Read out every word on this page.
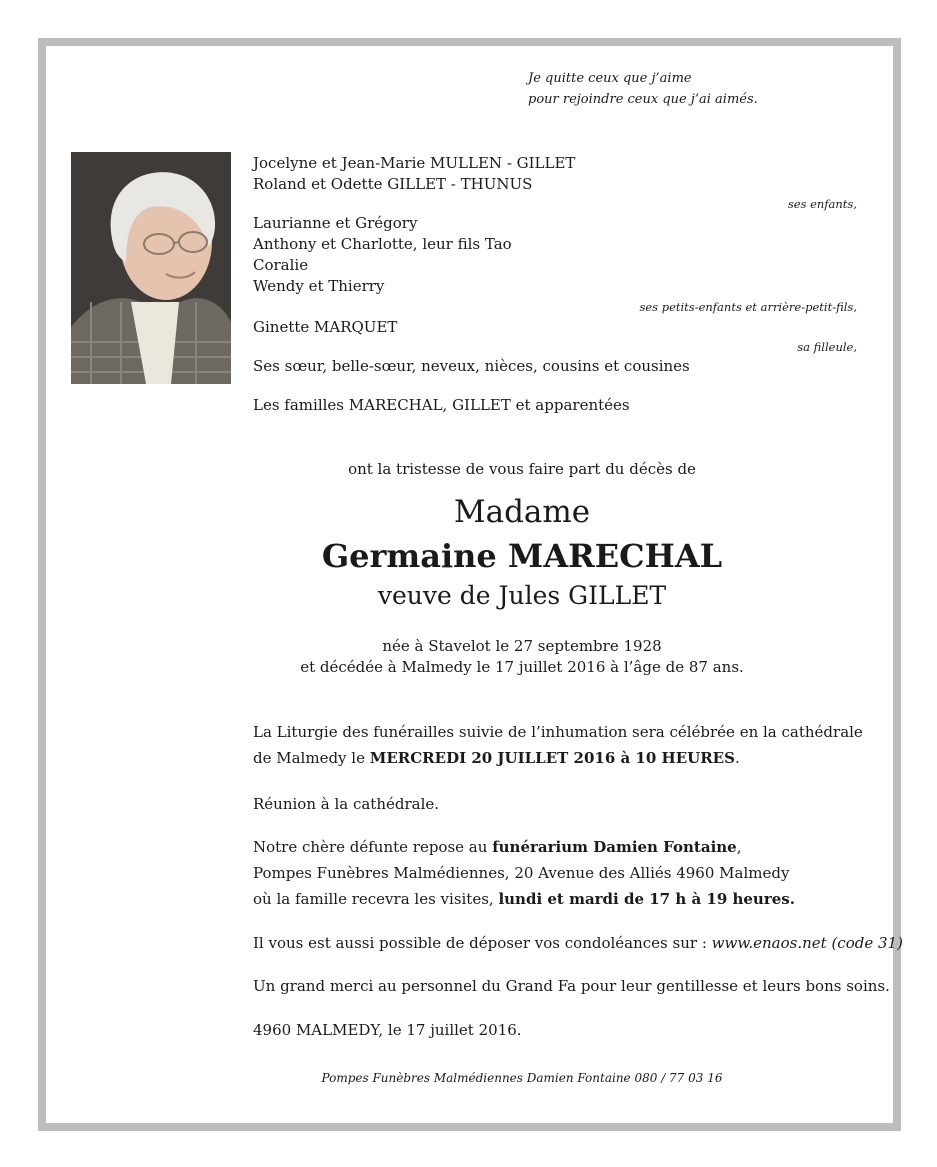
Je quitte ceux que j’aime
pour rejoindre ceux que j’ai aimés.
Jocelyne et Jean-Marie MULLEN - GILLET
Roland et Odette GILLET - THUNUS
ses enfants,
Laurianne et Grégory
Anthony et Charlotte, leur fils Tao
Coralie
Wendy et Thierry
ses petits-enfants et arrière-petit-fils,
Ginette MARQUET
sa filleule,
Ses sœur, belle-sœur, neveux, nièces, cousins et cousines
Les familles MARECHAL, GILLET et apparentées
ont la tristesse de vous faire part du décès de
Madame
Germaine MARECHAL
veuve de Jules GILLET
née à Stavelot le 27 septembre 1928
et décédée à Malmedy le 17 juillet 2016 à l’âge de 87 ans.
La Liturgie des funérailles suivie de l’inhumation sera célébrée en la cathédrale
de Malmedy le MERCREDI 20 JUILLET 2016 à 10 HEURES.
Réunion à la cathédrale.
Notre chère défunte repose au funérarium Damien Fontaine,
Pompes Funèbres Malmédiennes, 20 Avenue des Alliés 4960 Malmedy
où la famille recevra les visites, lundi et mardi de 17 h à 19 heures.
Il vous est aussi possible de déposer vos condoléances sur : www.enaos.net (code 31)
Un grand merci au personnel du Grand Fa pour leur gentillesse et leurs bons soins.
4960 MALMEDY, le 17 juillet 2016.
Pompes Funèbres Malmédiennes Damien Fontaine 080 / 77 03 16
